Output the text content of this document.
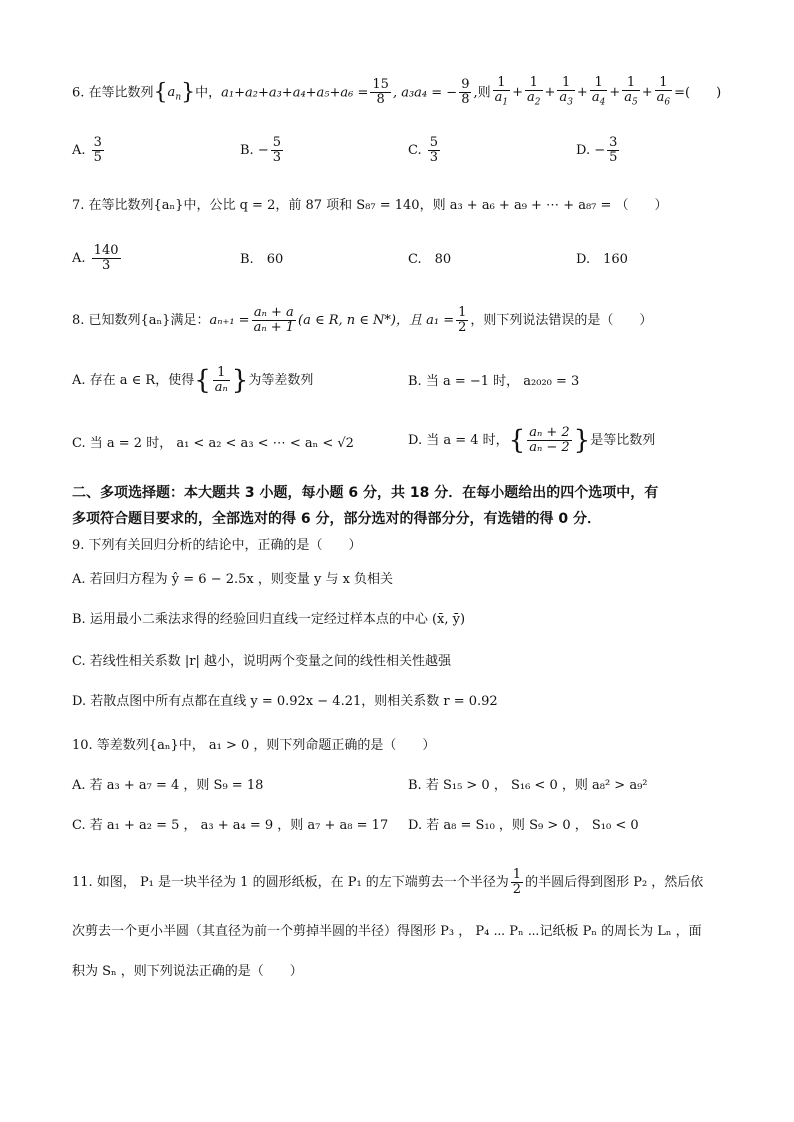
6. 在等比数列$\{a_n\}$中，$a_1+a_2+a_3+a_4+a_5+a_6 = \frac{15}{8}$ , a₃a₄ = − $\frac{9}{8}$ ,则 $\frac{1}{a_1} + \frac{1}{a_2} + \frac{1}{a_3} + \frac{1}{a_4} + \frac{1}{a_5} + \frac{1}{a_6}$ =(　　)
A. $\frac{3}{5}$	B. − $\frac{5}{3}$	C. $\frac{5}{3}$	D. − $\frac{3}{5}$
7. 在等比数列{aₙ}中，公比 q = 2，前 87 项和 S₈₇ = 140，则 a₃ + a₆ + a₉ + ⋯ + a₈₇ = （　　）
A. $\frac{140}{3}$	B.　 60	C.　 80	D.　 160
8. 已知数列{aₙ}满足：$a_{n+1} = \frac{\text{aₙ + a}}{\text{aₙ + 1}} (a$ ∈ R, n ∈ N*)，且 $a_1 = \frac{1}{2}$ ，则下列说法错误的是（　　）
A. 存在 a ∈ R，使得{ $\frac{1}{\text{aₙ}}$ }为等差数列	B. 当 a = −1 时， a₂₀₂₀ = 3
C. 当 a = 2 时， a₁ < a₂ < a₃ < ⋯ < aₙ < √2	D. 当 a = 4 时，{ $\frac{\text{aₙ + 2}}{\text{aₙ − 2}}$ }是等比数列
二、多项选择题：本大题共 3 小题，每小题 6 分，共 18 分．在每小题给出的四个选项中，有
多项符合题目要求的，全部选对的得 6 分，部分选对的得部分分，有选错的得 0 分．
9. 下列有关回归分析的结论中，正确的是（　　）
A. 若回归方程为 ŷ = 6 − 2.5x ，则变量 y 与 x 负相关
B. 运用最小二乘法求得的经验回归直线一定经过样本点的中心 (x̄, ȳ)
C. 若线性相关系数 |r| 越小，说明两个变量之间的线性相关性越强
D. 若散点图中所有点都在直线 y = 0.92x − 4.21，则相关系数 r = 0.92
10. 等差数列{aₙ}中， a₁ > 0 ，则下列命题正确的是（　　）
A. 若 a₃ + a₇ = 4 ，则 S₉ = 18	B. 若 S₁₅ > 0 ， S₁₆ < 0 ，则 a₈² > a₉²
C. 若 a₁ + a₂ = 5 ， a₃ + a₄ = 9 ，则 a₇ + a₈ = 17 D. 若 a₈ = S₁₀ ，则 S₉ > 0 ， S₁₀ < 0
11. 如图， P₁ 是一块半径为 1 的圆形纸板，在 P₁ 的左下端剪去一个半径为 $\frac{1}{2}$ 的半圆后得到图形 P₂ ，然后依
次剪去一个更小半圆（其直径为前一个剪掉半圆的半径）得图形 P₃ ， P₄ ⋯ Pₙ ⋯记纸板 Pₙ 的周长为 Lₙ ，面
积为 Sₙ ，则下列说法正确的是（　　）
